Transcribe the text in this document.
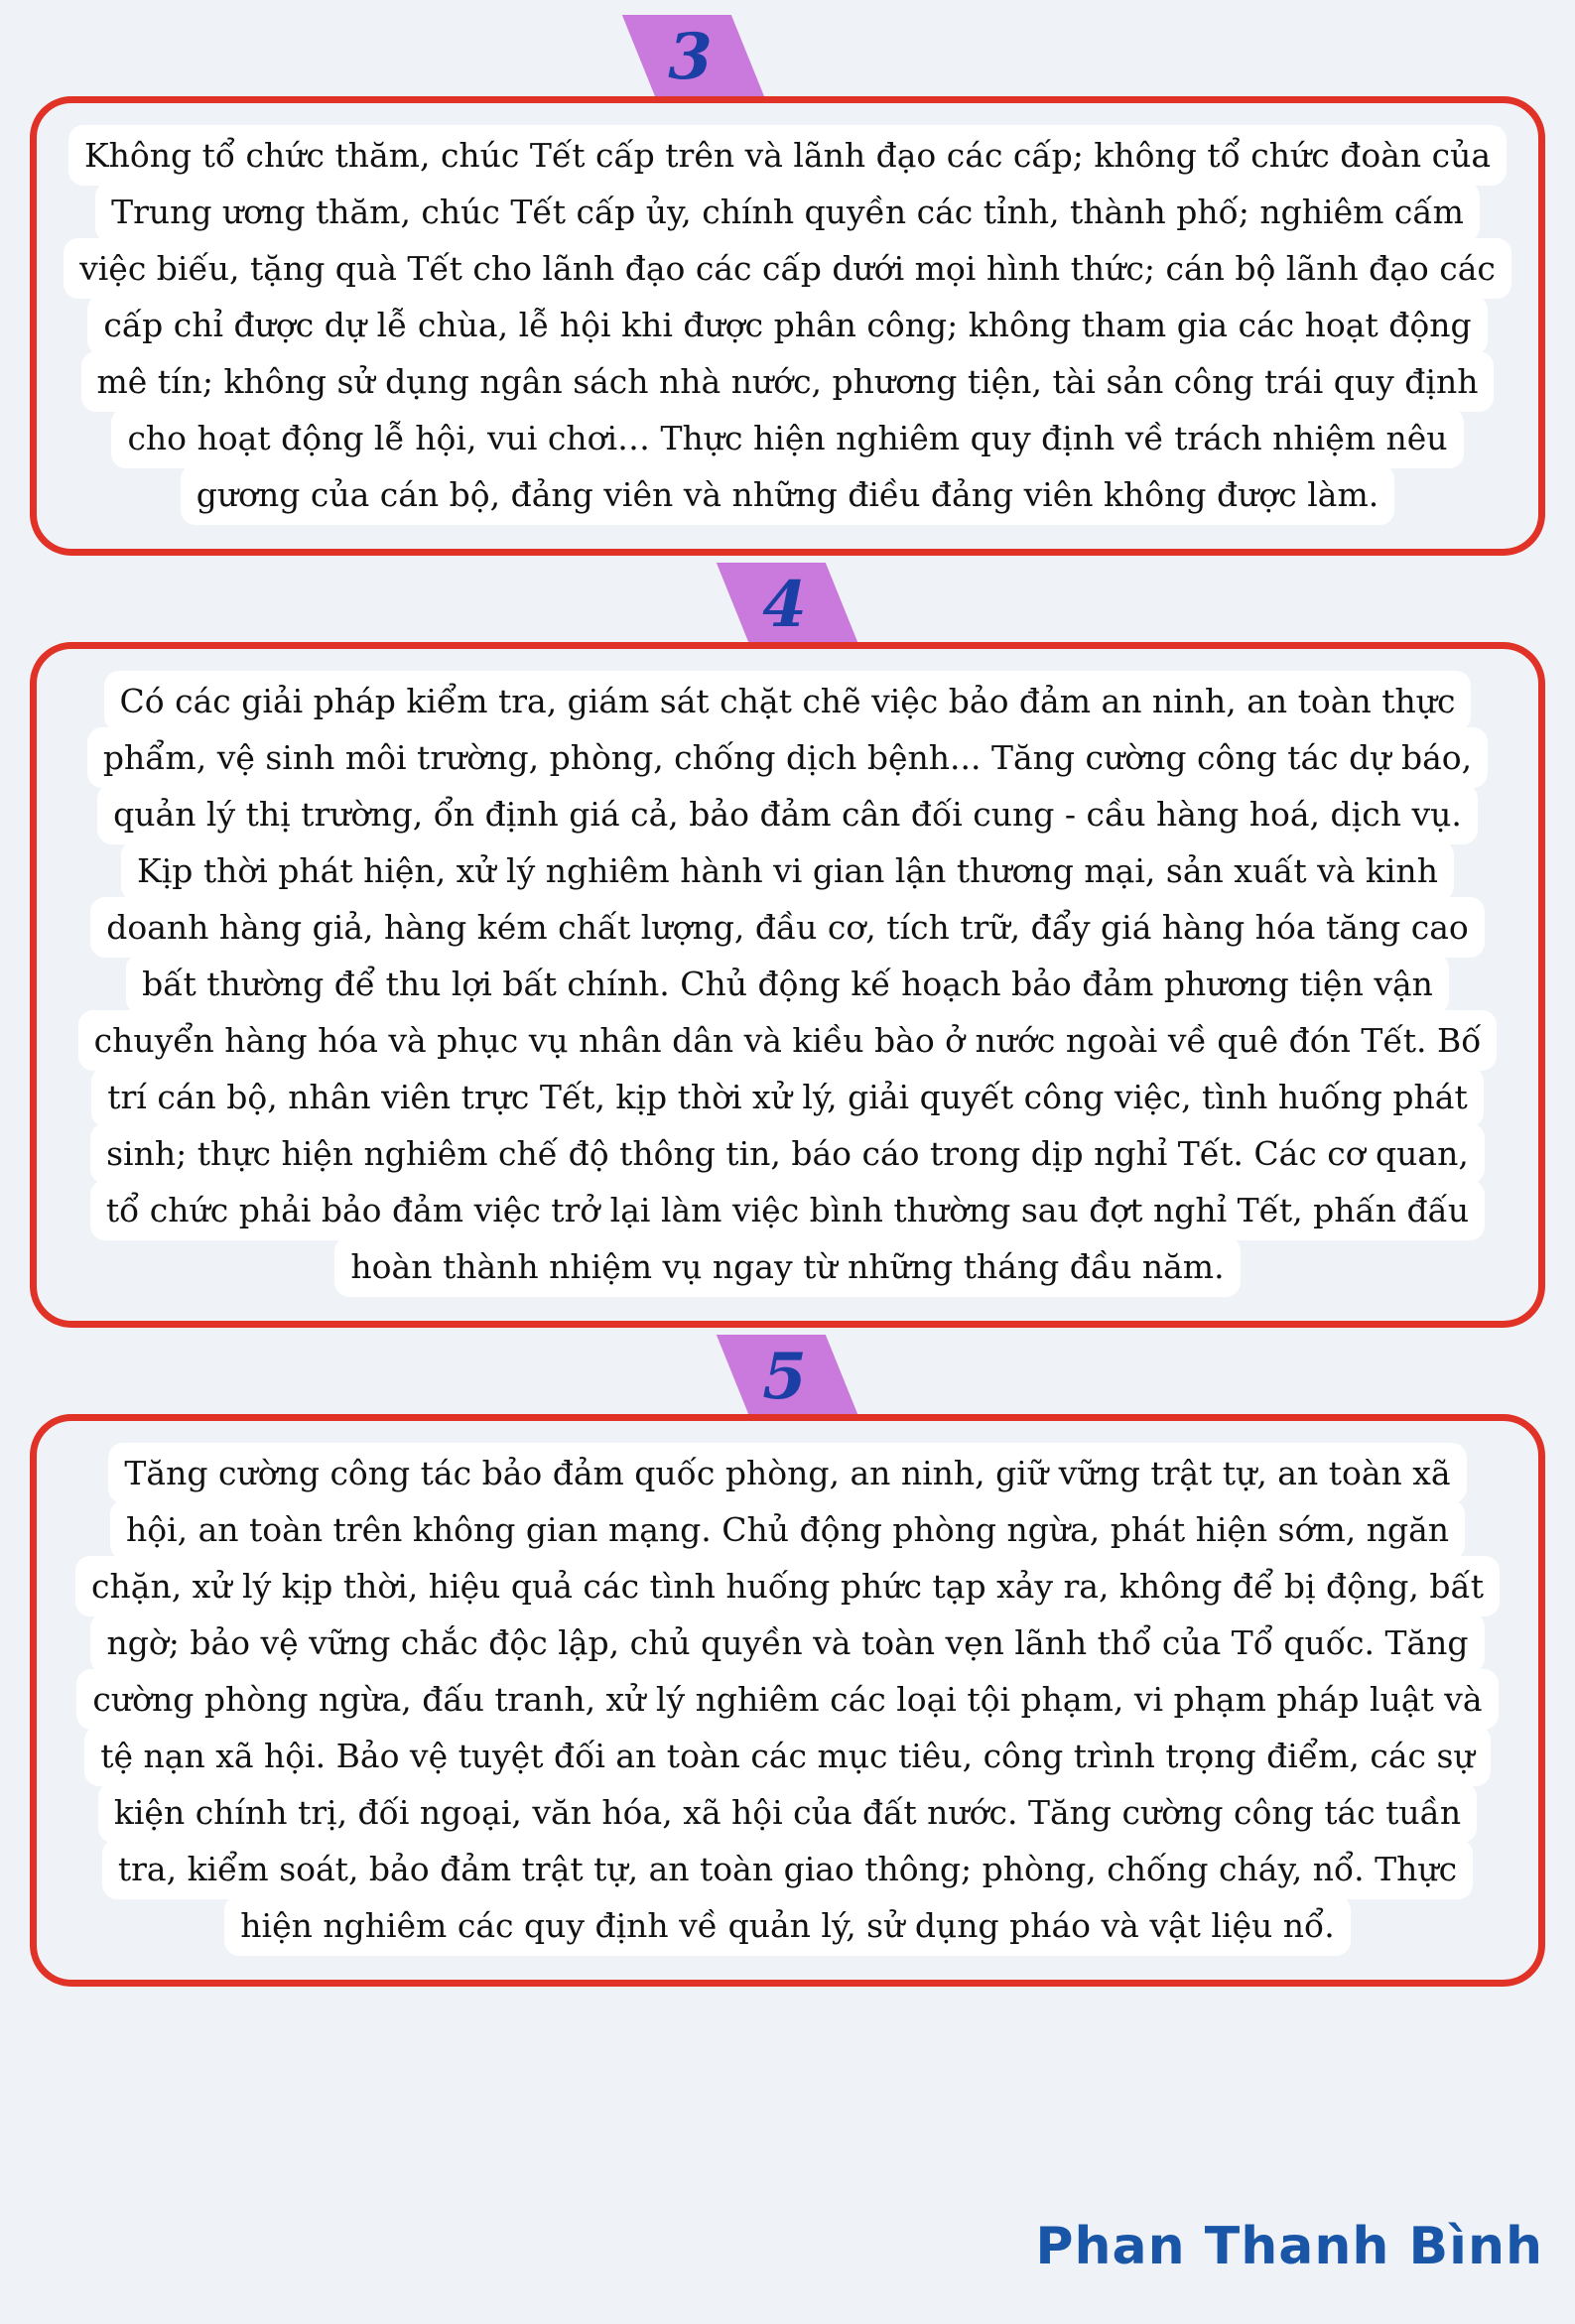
3
Không tổ chức thăm, chúc Tết cấp trên và lãnh đạo các cấp; không tổ chức đoàn của
Trung ương thăm, chúc Tết cấp ủy, chính quyền các tỉnh, thành phố; nghiêm cấm
việc biếu, tặng quà Tết cho lãnh đạo các cấp dưới mọi hình thức; cán bộ lãnh đạo các
cấp chỉ được dự lễ chùa, lễ hội khi được phân công; không tham gia các hoạt động
mê tín; không sử dụng ngân sách nhà nước, phương tiện, tài sản công trái quy định
cho hoạt động lễ hội, vui chơi… Thực hiện nghiêm quy định về trách nhiệm nêu
gương của cán bộ, đảng viên và những điều đảng viên không được làm.
4
Có các giải pháp kiểm tra, giám sát chặt chẽ việc bảo đảm an ninh, an toàn thực
phẩm, vệ sinh môi trường, phòng, chống dịch bệnh... Tăng cường công tác dự báo,
quản lý thị trường, ổn định giá cả, bảo đảm cân đối cung - cầu hàng hoá, dịch vụ.
Kịp thời phát hiện, xử lý nghiêm hành vi gian lận thương mại, sản xuất và kinh
doanh hàng giả, hàng kém chất lượng, đầu cơ, tích trữ, đẩy giá hàng hóa tăng cao
bất thường để thu lợi bất chính. Chủ động kế hoạch bảo đảm phương tiện vận
chuyển hàng hóa và phục vụ nhân dân và kiều bào ở nước ngoài về quê đón Tết. Bố
trí cán bộ, nhân viên trực Tết, kịp thời xử lý, giải quyết công việc, tình huống phát
sinh; thực hiện nghiêm chế độ thông tin, báo cáo trong dịp nghỉ Tết. Các cơ quan,
tổ chức phải bảo đảm việc trở lại làm việc bình thường sau đợt nghỉ Tết, phấn đấu
hoàn thành nhiệm vụ ngay từ những tháng đầu năm.
5
Tăng cường công tác bảo đảm quốc phòng, an ninh, giữ vững trật tự, an toàn xã
hội, an toàn trên không gian mạng. Chủ động phòng ngừa, phát hiện sớm, ngăn
chặn, xử lý kịp thời, hiệu quả các tình huống phức tạp xảy ra, không để bị động, bất
ngờ; bảo vệ vững chắc độc lập, chủ quyền và toàn vẹn lãnh thổ của Tổ quốc. Tăng
cường phòng ngừa, đấu tranh, xử lý nghiêm các loại tội phạm, vi phạm pháp luật và
tệ nạn xã hội. Bảo vệ tuyệt đối an toàn các mục tiêu, công trình trọng điểm, các sự
kiện chính trị, đối ngoại, văn hóa, xã hội của đất nước. Tăng cường công tác tuần
tra, kiểm soát, bảo đảm trật tự, an toàn giao thông; phòng, chống cháy, nổ. Thực
hiện nghiêm các quy định về quản lý, sử dụng pháo và vật liệu nổ.
Phan Thanh Bình
